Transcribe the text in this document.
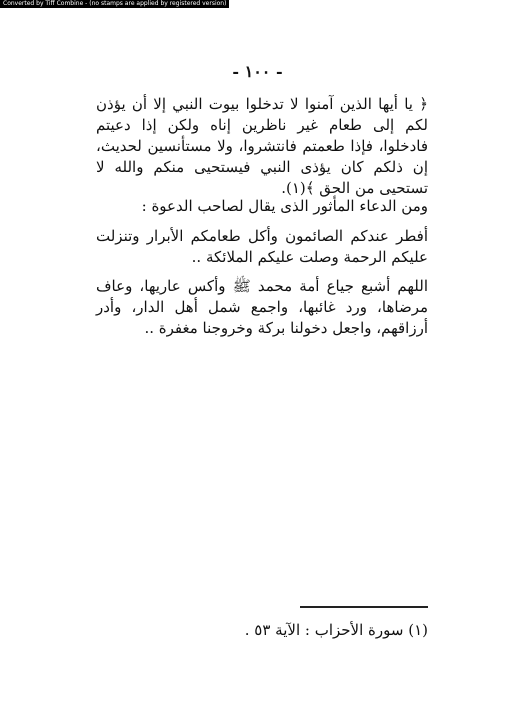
Converted by Tiff Combine - (no stamps are applied by registered version)
- ١٠٠ -
﴿ يا أيها الذين آمنوا لا تدخلوا بيوت النبي إلا أن يؤذن لكم إلى طعام غير ناظرين إناه ولكن إذا دعيتم فادخلوا، فإذا طعمتم فانتشروا، ولا مستأنسين لحديث، إن ذلكم كان يؤذى النبي فيستحيى منكم والله لا تستحيى من الحق ﴾(١).
ومن الدعاء المأثور الذى يقال لصاحب الدعوة :
أفطر عندكم الصائمون وأكل طعامكم الأبرار وتنزلت عليكم الرحمة وصلت عليكم الملائكة ..
اللهم أشبع جياع أمة محمد ﷺ وأكس عاريها، وعاف مرضاها، ورد غائبها، واجمع شمل أهل الدار، وأدر أرزاقهم، واجعل دخولنا بركة وخروجنا مغفرة ..
(١) سورة الأحزاب : الآية ٥٣ .
